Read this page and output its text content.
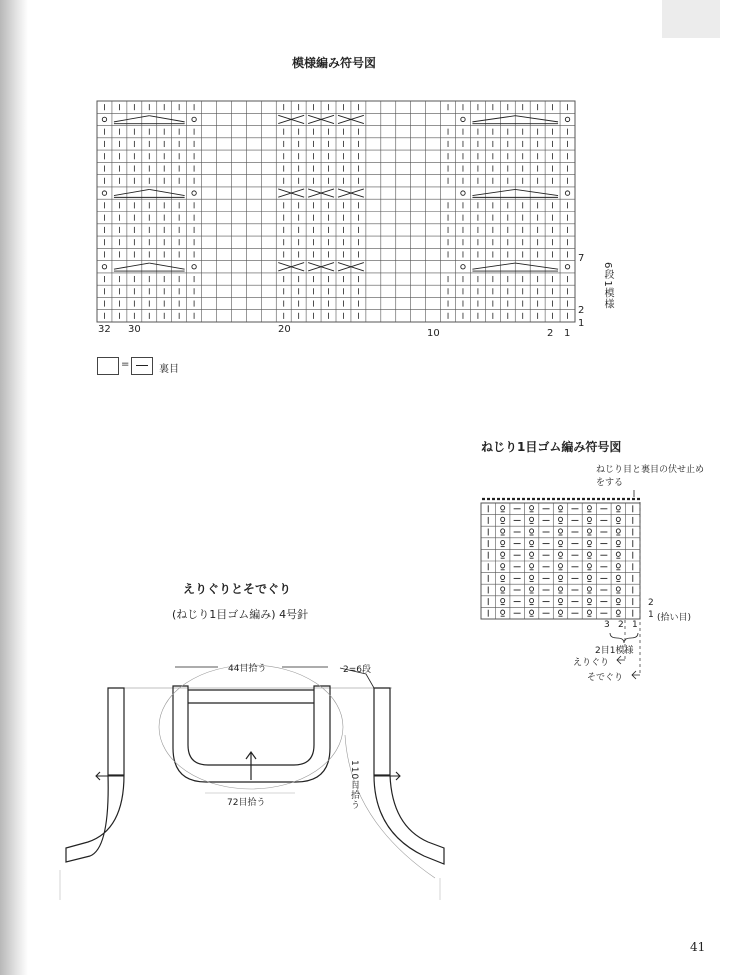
模様編み符号図
32 30	20	10	2 1
7
2
1
6段1模様
=	裏目
ねじり1目ゴム編み符号図
ねじり目と裏目の伏せ止めをする
3 2 1
2
1 (拾い目)
2目1模様
えりぐり
そでぐり
えりぐりとそでぐり
(ねじり1目ゴム編み) 4号針
44目拾う	2=6段
72目拾う	110目拾う
41
